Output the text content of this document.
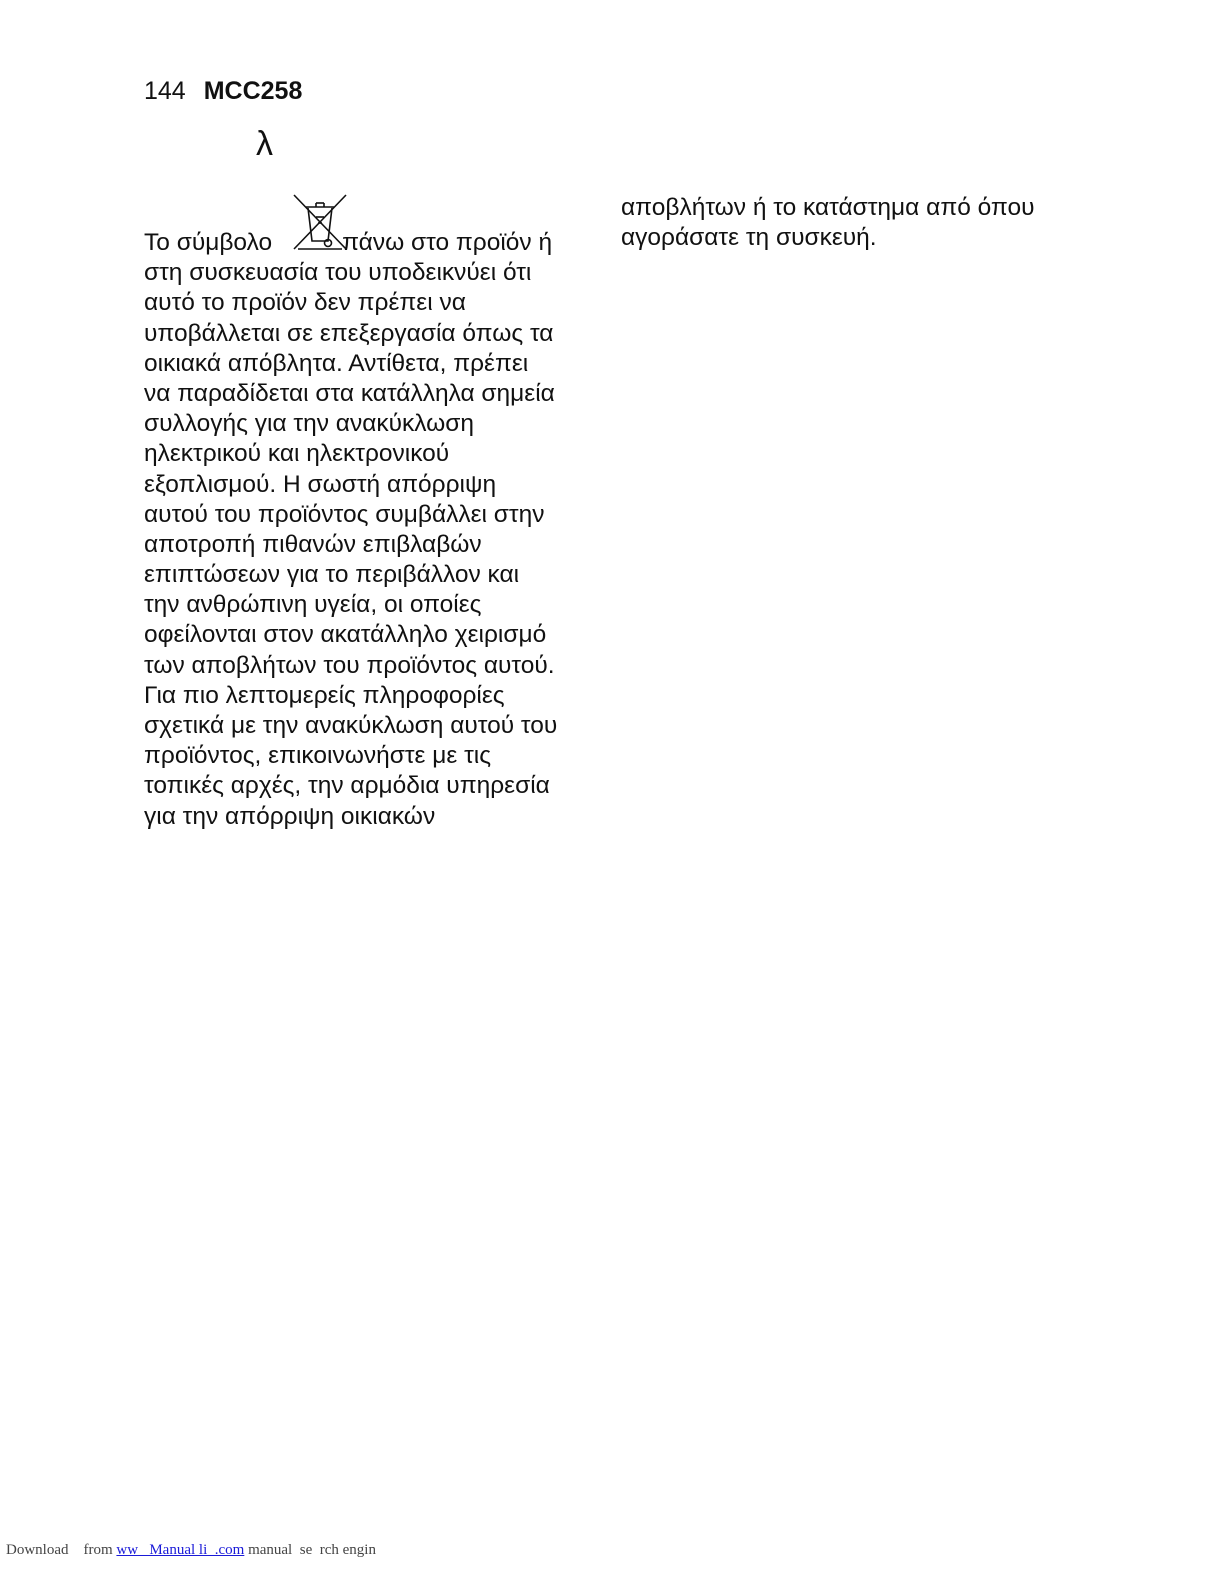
144 MCC258
λ
Το σύμβολο	πάνω στο προϊόν ή
στη συσκευασία του υποδεικνύει ότι
αυτό το προϊόν δεν πρέπει να
υποβάλλεται σε επεξεργασία όπως τα
οικιακά απόβλητα. Αντίθετα, πρέπει
να παραδίδεται στα κατάλληλα σημεία
συλλογής για την ανακύκλωση
ηλεκτρικού και ηλεκτρονικού
εξοπλισμού. Η σωστή απόρριψη
αυτού του προϊόντος συμβάλλει στην
αποτροπή πιθανών επιβλαβών
επιπτώσεων για το περιβάλλον και
την ανθρώπινη υγεία, οι οποίες
οφείλονται στον ακατάλληλο χειρισμό
των αποβλήτων του προϊόντος αυτού.
Για πιο λεπτομερείς πληροφορίες
σχετικά με την ανακύκλωση αυτού του
προϊόντος, επικοινωνήστε με τις
τοπικές αρχές, την αρμόδια υπηρεσία
για την απόρριψη οικιακών
αποβλήτων ή το κατάστημα από όπου
αγοράσατε τη συσκευή.
Download from ww   Manual li  .com manual  se  rch engin
